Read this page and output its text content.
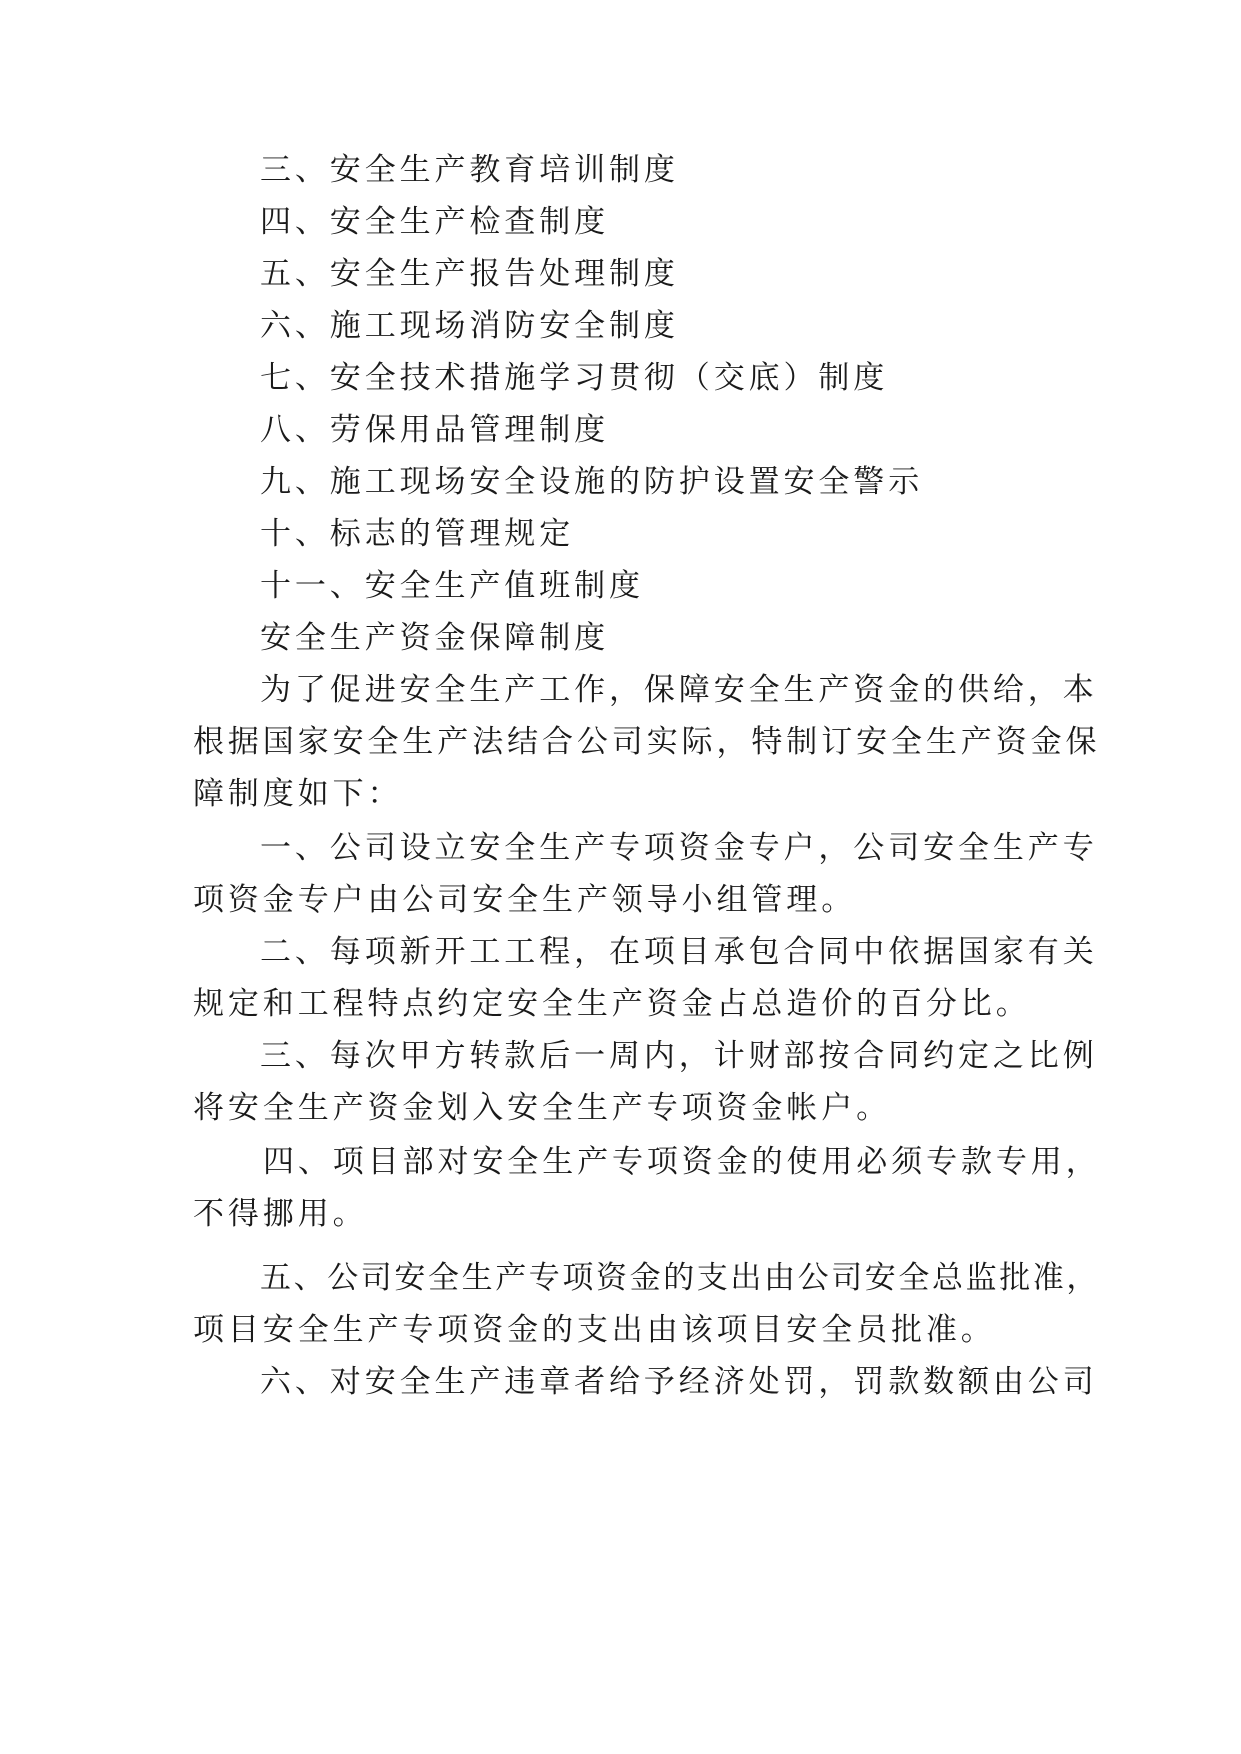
三、安全生产教育培训制度
四、安全生产检查制度
五、安全生产报告处理制度
六、施工现场消防安全制度
七、安全技术措施学习贯彻（交底）制度
八、劳保用品管理制度
九、施工现场安全设施的防护设置安全警示
十、标志的管理规定
十一、安全生产值班制度
安全生产资金保障制度
为了促进安全生产工作，保障安全生产资金的供给，本
根据国家安全生产法结合公司实际，特制订安全生产资金保
障制度如下：
一、公司设立安全生产专项资金专户，公司安全生产专
项资金专户由公司安全生产领导小组管理。
二、每项新开工工程，在项目承包合同中依据国家有关
规定和工程特点约定安全生产资金占总造价的百分比。
三、每次甲方转款后一周内，计财部按合同约定之比例
将安全生产资金划入安全生产专项资金帐户。
四、项目部对安全生产专项资金的使用必须专款专用，
不得挪用。
五、公司安全生产专项资金的支出由公司安全总监批准，
项目安全生产专项资金的支出由该项目安全员批准。
六、对安全生产违章者给予经济处罚，罚款数额由公司
